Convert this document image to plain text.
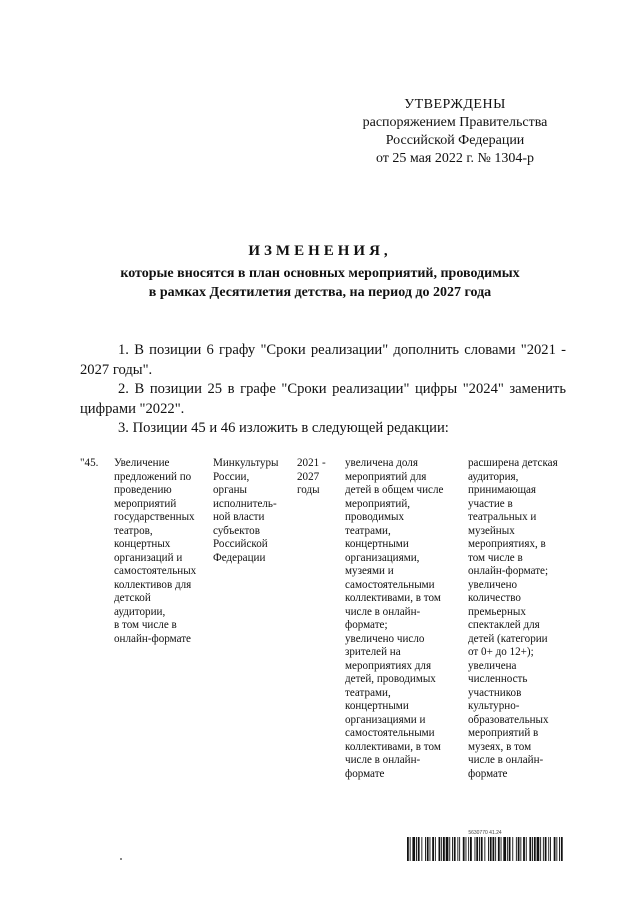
УТВЕРЖДЕНЫ
распоряжением Правительства
Российской Федерации
от 25 мая 2022 г. № 1304-р
ИЗМЕНЕНИЯ,
которые вносятся в план основных мероприятий, проводимых
в рамках Десятилетия детства, на период до 2027 года

1. В позиции 6 графу "Сроки реализации" дополнить словами "2021 - 2027 годы".

2. В позиции 25 в графе "Сроки реализации" цифры "2024" заменить цифрами "2022".

3. Позиции 45 и 46 изложить в следующей редакции:

"45.	Увеличение
предложений по
проведению
мероприятий
государственных
театров,
концертных
организаций и
самостоятельных
коллективов для
детской
аудитории,
в том числе в
онлайн-формате
Минкультуры
России,
органы
исполнитель-
ной власти
субъектов
Российской
Федерации
2021 -
2027
годы
увеличена доля
мероприятий для
детей в общем числе
мероприятий,
проводимых
театрами,
концертными
организациями,
музеями и
самостоятельными
коллективами, в том
числе в онлайн-
формате;
увеличено число
зрителей на
мероприятиях для
детей, проводимых
театрами,
концертными
организациями и
самостоятельными
коллективами, в том
числе в онлайн-
формате
расширена детская
аудитория,
принимающая
участие в
театральных и
музейных
мероприятиях, в
том числе в
онлайн-формате;
увеличено
количество
премьерных
спектаклей для
детей (категории
от 0+ до 12+);
увеличена
численность
участников
культурно-
образовательных
мероприятий в
музеях, в том
числе в онлайн-
формате
5630770 41.24
